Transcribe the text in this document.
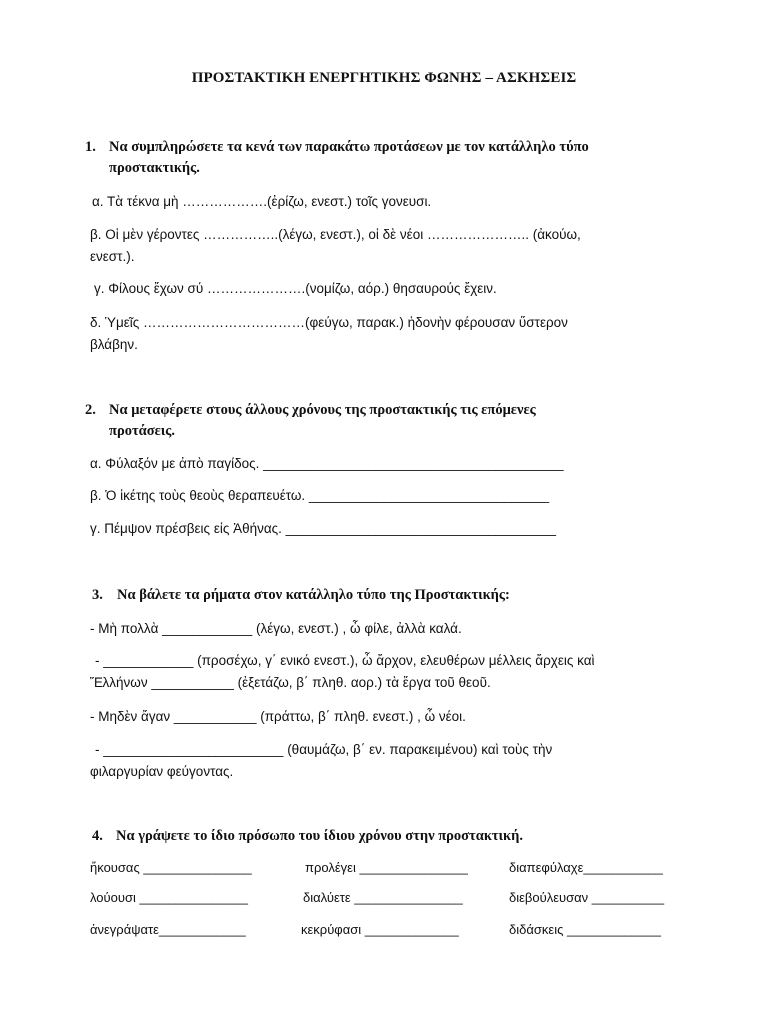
ΠΡΟΣΤΑΚΤΙΚΗ ΕΝΕΡΓΗΤΙΚΗΣ ΦΩΝΗΣ – ΑΣΚΗΣΕΙΣ
1. Να συμπληρώσετε τα κενά των παρακάτω προτάσεων με τον κατάλληλο τύπο
προστακτικής.
α. Τὰ τέκνα μὴ ……………….(ἐρίζω, ενεστ.) τοῖς γονευσι.
β. Οἱ μὲν γέροντες ……………..(λέγω, ενεστ.), οἱ δὲ νέοι ………………….. (ἀκούω,
ενεστ.).
γ. Φίλους ἔχων σύ ………………….(νομίζω, αόρ.) θησαυρούς ἔχειν.
δ. Ὑμεῖς ………………………………(φεύγω, παρακ.) ἡδονὴν φέρουσαν ὕστερον
βλάβην.
2. Να μεταφέρετε στους άλλους χρόνους της προστακτικής τις επόμενες
προτάσεις.
α. Φύλαξόν με ἀπὸ παγίδος. ________________________________________
β. Ὁ ἱκέτης τοὺς θεοὺς θεραπευέτω. ________________________________
γ. Πέμψον πρέσβεις εἰς Ἀθήνας. ____________________________________
3. Να βάλετε τα ρήματα στον κατάλληλο τύπο της Προστακτικής:
- Μὴ πολλὰ ____________ (λέγω, ενεστ.) , ὦ φίλε, ἀλλὰ καλά.
- ____________ (προσέχω, γ΄ ενικό ενεστ.), ὦ ἄρχον, ελευθέρων μέλλεις ἄρχεις καὶ
Ἕλλήνων ___________ (ἐξετάζω, β΄ πληθ. αορ.) τὰ ἔργα τοῦ θεοῦ.
- Μηδὲν ἄγαν ___________ (πράττω, β΄ πληθ. ενεστ.) , ὦ νέοι.
- ________________________ (θαυμάζω, β΄ εν. παρακειμένου) καὶ τοὺς τὴν
φιλαργυρίαν φεύγοντας.
4. Να γράψετε το ίδιο πρόσωπο του ίδιου χρόνου στην προστακτική.
ἤκουσας _______________	προλέγει _______________	διαπεφύλαχε___________
λούουσι _______________	διαλύετε _______________	διεβούλευσαν __________
ἀνεγράψατε____________	κεκρύφασι _____________	διδάσκεις _____________
